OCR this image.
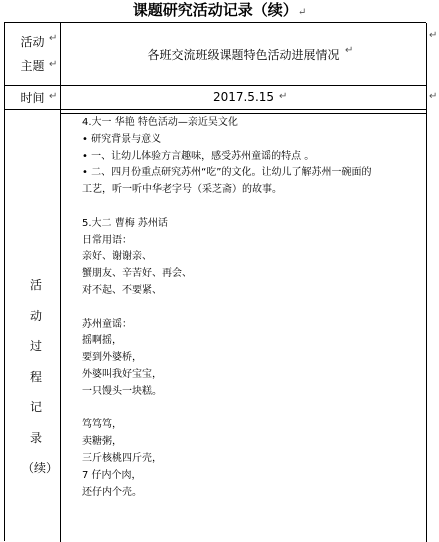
课题研究活动记录（续）↵
活动
主题
各班交流班级课题特色活动进展情况
时间	2017.5.15
↵
↵
↵
↵
↵
↵
↵
活
动
过
程
记
录
（续）
4.大一 华艳 特色活动—亲近吴文化
• 研究背景与意义
• 一、让幼儿体验方言趣味，感受苏州童谣的特点 。
• 二、四月份重点研究苏州“吃”的文化。让幼儿了解苏州一碗面的
工艺，听一听中华老字号（采芝斋）的故事。

5.大二 曹梅 苏州话
日常用语：
亲好、谢谢亲、
蟹朋友、辛苦好、再会、
对不起、不要紧、

苏州童谣：
摇啊摇，
要到外婆桥，
外婆叫我好宝宝，
一只馒头一块糕。

笃笃笃，
卖糖粥，
三斤核桃四斤壳，
7 仔内个肉，
还仔内个壳。
